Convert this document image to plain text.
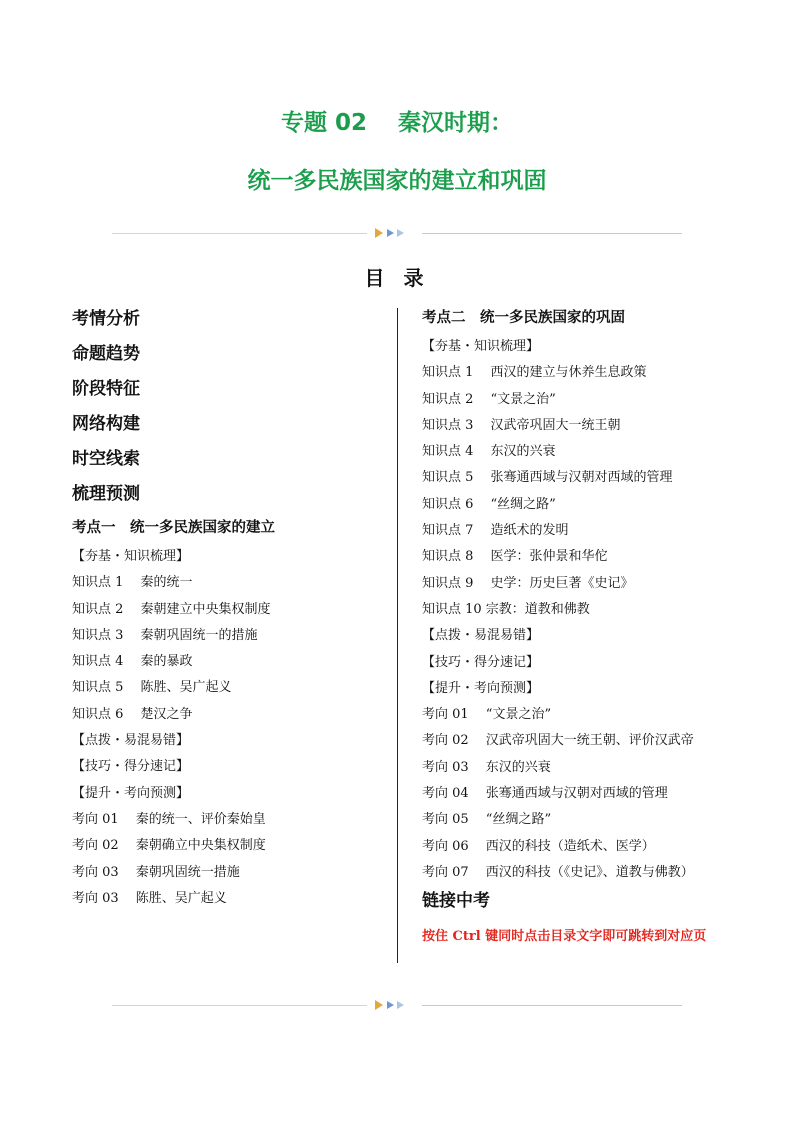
专题 02　 秦汉时期：
统一多民族国家的建立和巩固
目 录
考情分析
命题趋势
阶段特征
网络构建
时空线索
梳理预测
考点一　统一多民族国家的建立
【夯基・知识梳理】
知识点 1　 秦的统一
知识点 2　 秦朝建立中央集权制度
知识点 3　 秦朝巩固统一的措施
知识点 4　 秦的暴政
知识点 5　 陈胜、吴广起义
知识点 6　 楚汉之争
【点拨・易混易错】
【技巧・得分速记】
【提升・考向预测】
考向 01　 秦的统一、评价秦始皇
考向 02　 秦朝确立中央集权制度
考向 03　 秦朝巩固统一措施
考向 03　 陈胜、吴广起义
考点二　统一多民族国家的巩固
【夯基・知识梳理】
知识点 1　 西汉的建立与休养生息政策
知识点 2　 “文景之治”
知识点 3　 汉武帝巩固大一统王朝
知识点 4　 东汉的兴衰
知识点 5　 张骞通西域与汉朝对西域的管理
知识点 6　 “丝绸之路”
知识点 7　 造纸术的发明
知识点 8　 医学：张仲景和华佗
知识点 9　 史学：历史巨著《史记》
知识点 10 宗教：道教和佛教
【点拨・易混易错】
【技巧・得分速记】
【提升・考向预测】
考向 01　 “文景之治”
考向 02　 汉武帝巩固大一统王朝、评价汉武帝
考向 03　 东汉的兴衰
考向 04　 张骞通西域与汉朝对西域的管理
考向 05　 “丝绸之路”
考向 06　 西汉的科技（造纸术、医学）
考向 07　 西汉的科技（《史记》、道教与佛教）
链接中考
按住 Ctrl 键同时点击目录文字即可跳转到对应页
